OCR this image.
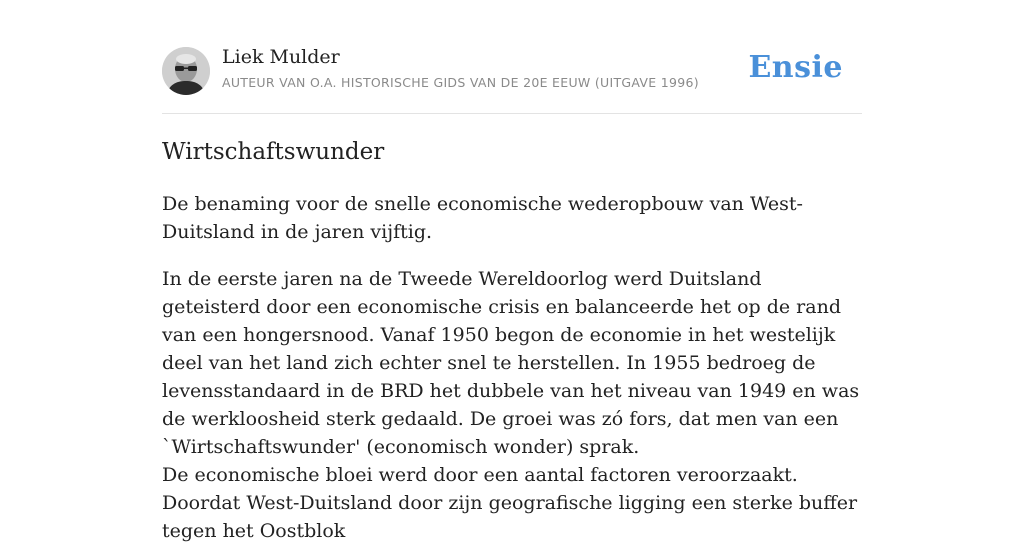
Liek Mulder
AUTEUR VAN O.A. HISTORISCHE GIDS VAN DE 20E EEUW (UITGAVE 1996) Ensie
Wirtschaftswunder

De benaming voor de snelle economische wederopbouw van West-Duitsland in de jaren vijftig.

In de eerste jaren na de Tweede Wereldoorlog werd Duitsland geteisterd door een economische crisis en balanceerde het op de rand van een hongersnood. Vanaf 1950 begon de economie in het westelijk deel van het land zich echter snel te herstellen. In 1955 bedroeg de levensstandaard in de BRD het dubbele van het niveau van 1949 en was de werkloosheid sterk gedaald. De groei was zó fors, dat men van een `Wirtschaftswunder' (economisch wonder) sprak.

De economische bloei werd door een aantal factoren veroorzaakt. Doordat West-Duitsland door zijn geografische ligging een sterke buffer tegen het Oostblok
